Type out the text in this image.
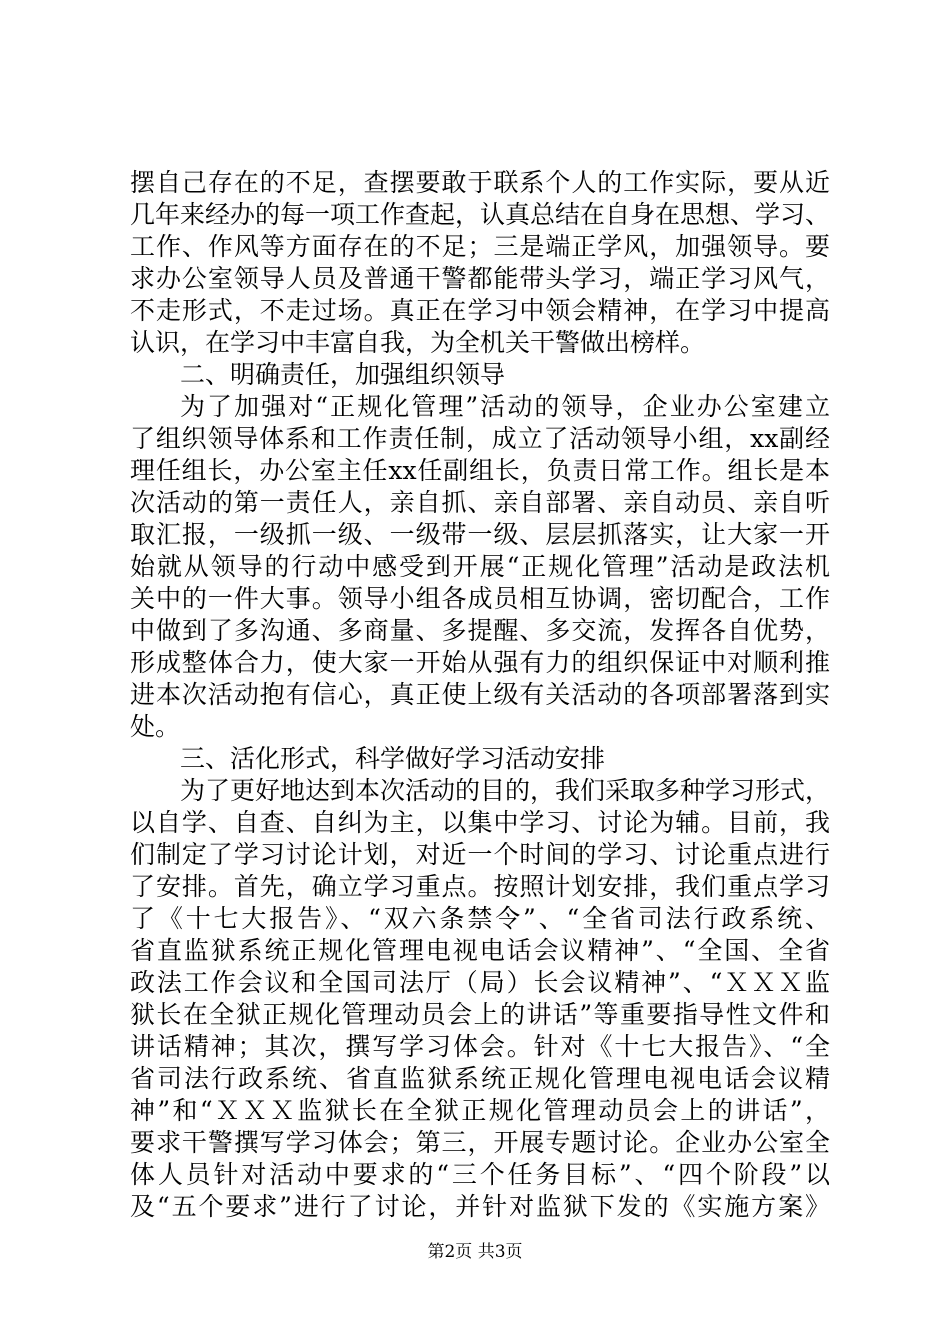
摆自己存在的不足，查摆要敢于联系个人的工作实际，要从近
几年来经办的每一项工作查起，认真总结在自身在思想、学习、
工作、作风等方面存在的不足；三是端正学风，加强领导。要
求办公室领导人员及普通干警都能带头学习，端正学习风气，
不走形式，不走过场。真正在学习中领会精神，在学习中提高
认识，在学习中丰富自我，为全机关干警做出榜样。
二、明确责任，加强组织领导
为了加强对“正规化管理”活动的领导，企业办公室建立
了组织领导体系和工作责任制，成立了活动领导小组，xx副经
理任组长，办公室主任xx任副组长，负责日常工作。组长是本
次活动的第一责任人，亲自抓、亲自部署、亲自动员、亲自听
取汇报，一级抓一级、一级带一级、层层抓落实，让大家一开
始就从领导的行动中感受到开展“正规化管理”活动是政法机
关中的一件大事。领导小组各成员相互协调，密切配合，工作
中做到了多沟通、多商量、多提醒、多交流，发挥各自优势，
形成整体合力，使大家一开始从强有力的组织保证中对顺利推
进本次活动抱有信心，真正使上级有关活动的各项部署落到实
处。
三、活化形式，科学做好学习活动安排
为了更好地达到本次活动的目的，我们采取多种学习形式，
以自学、自查、自纠为主，以集中学习、讨论为辅。目前，我
们制定了学习讨论计划，对近一个时间的学习、讨论重点进行
了安排。首先，确立学习重点。按照计划安排，我们重点学习
了《十七大报告》、“双六条禁令”、“全省司法行政系统、
省直监狱系统正规化管理电视电话会议精神”、“全国、全省
政法工作会议和全国司法厅（局）长会议精神”、“ＸＸＸ监
狱长在全狱正规化管理动员会上的讲话”等重要指导性文件和
讲话精神；其次，撰写学习体会。针对《十七大报告》、“全
省司法行政系统、省直监狱系统正规化管理电视电话会议精
神”和“ＸＸＸ监狱长在全狱正规化管理动员会上的讲话”，
要求干警撰写学习体会；第三，开展专题讨论。企业办公室全
体人员针对活动中要求的“三个任务目标”、“四个阶段”以
及“五个要求”进行了讨论，并针对监狱下发的《实施方案》
第2页 共3页
